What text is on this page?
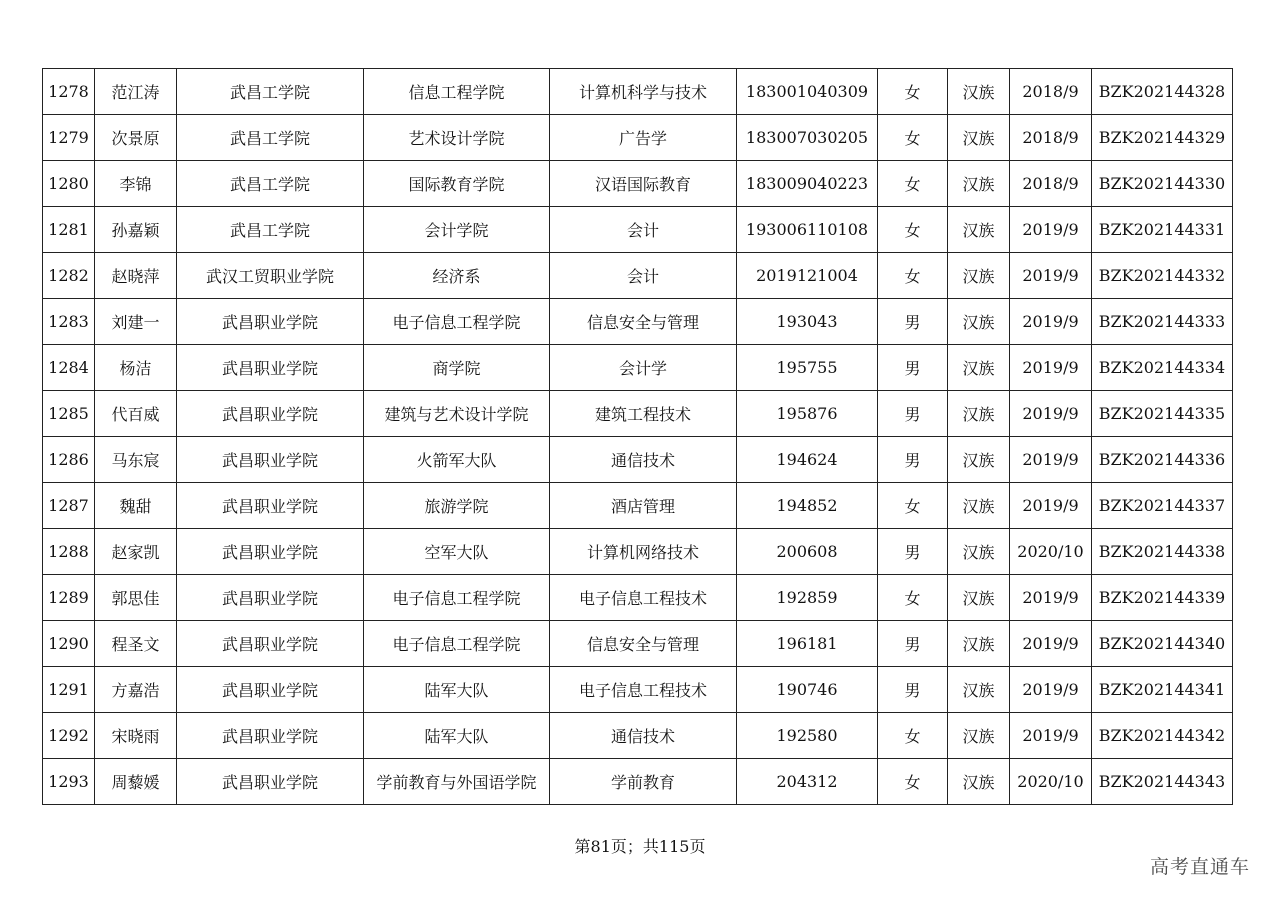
1278	范江涛	武昌工学院	信息工程学院	计算机科学与技术	183001040309	女	汉族	2018/9	BZK202144328
1279	次景原	武昌工学院	艺术设计学院	广告学	183007030205	女	汉族	2018/9	BZK202144329
1280	李锦	武昌工学院	国际教育学院	汉语国际教育	183009040223	女	汉族	2018/9	BZK202144330
1281	孙嘉颖	武昌工学院	会计学院	会计	193006110108	女	汉族	2019/9	BZK202144331
1282	赵晓萍	武汉工贸职业学院	经济系	会计	2019121004	女	汉族	2019/9	BZK202144332
1283	刘建一	武昌职业学院	电子信息工程学院	信息安全与管理	193043	男	汉族	2019/9	BZK202144333
1284	杨洁	武昌职业学院	商学院	会计学	195755	男	汉族	2019/9	BZK202144334
1285	代百威	武昌职业学院	建筑与艺术设计学院	建筑工程技术	195876	男	汉族	2019/9	BZK202144335
1286	马东宸	武昌职业学院	火箭军大队	通信技术	194624	男	汉族	2019/9	BZK202144336
1287	魏甜	武昌职业学院	旅游学院	酒店管理	194852	女	汉族	2019/9	BZK202144337
1288	赵家凯	武昌职业学院	空军大队	计算机网络技术	200608	男	汉族	2020/10	BZK202144338
1289	郭思佳	武昌职业学院	电子信息工程学院	电子信息工程技术	192859	女	汉族	2019/9	BZK202144339
1290	程圣文	武昌职业学院	电子信息工程学院	信息安全与管理	196181	男	汉族	2019/9	BZK202144340
1291	方嘉浩	武昌职业学院	陆军大队	电子信息工程技术	190746	男	汉族	2019/9	BZK202144341
1292	宋晓雨	武昌职业学院	陆军大队	通信技术	192580	女	汉族	2019/9	BZK202144342
1293	周藜媛	武昌职业学院	学前教育与外国语学院	学前教育	204312	女	汉族	2020/10	BZK202144343
第81页；共115页
高考直通车
